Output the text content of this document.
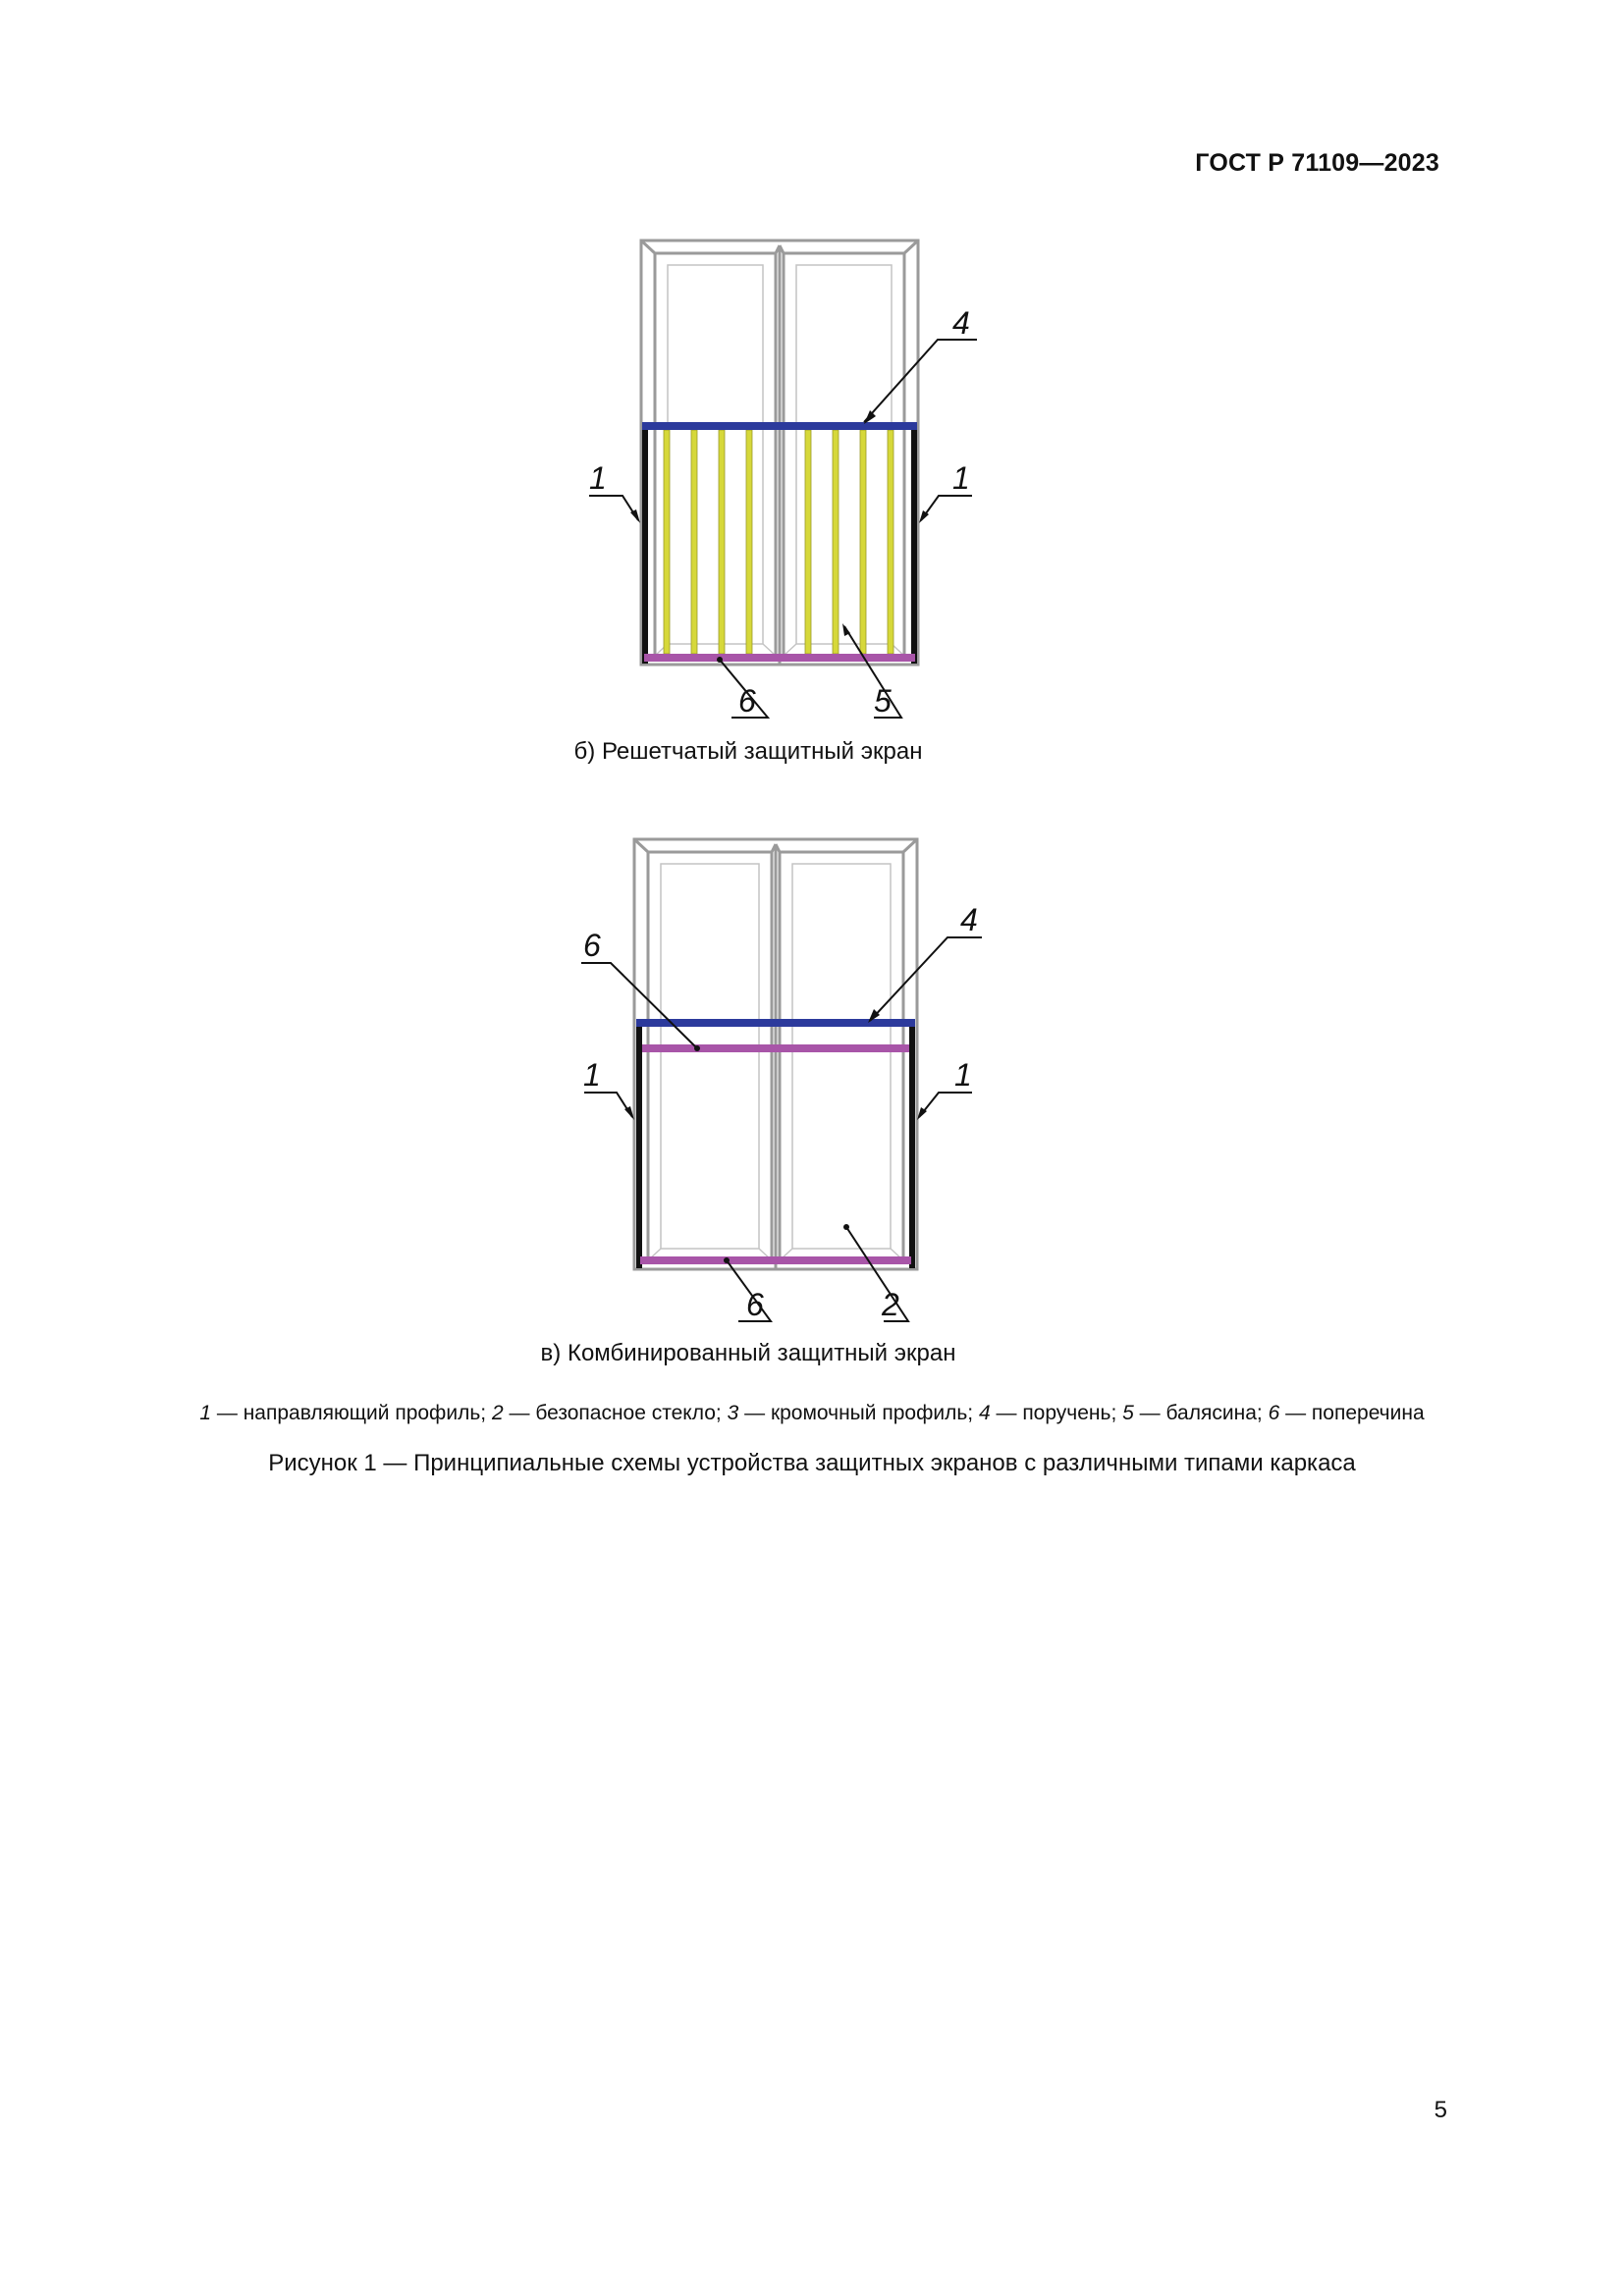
ГОСТ Р 71109—2023
4
1	1
6	5
б) Решетчатый защитный экран
6
4
1	1
6	2
в) Комбинированный защитный экран
1 — направляющий профиль; 2 — безопасное стекло; 3 — кромочный профиль; 4 — поручень; 5 — балясина; 6 — поперечина
Рисунок 1 — Принципиальные схемы устройства защитных экранов с различными типами каркаса
5
